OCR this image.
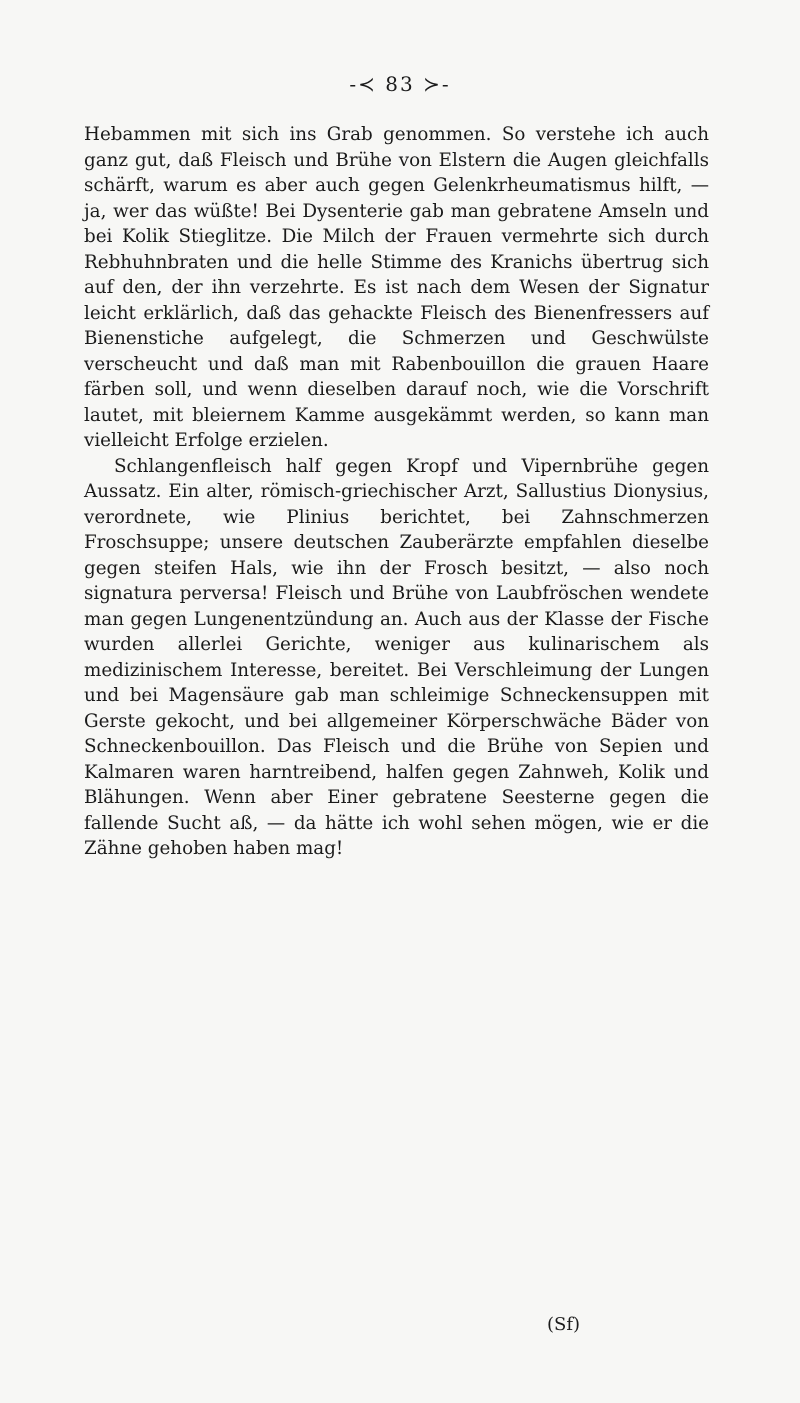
-≺ 83 ≻-

Hebammen mit sich ins Grab genommen. So verstehe ich auch ganz gut, daß Fleisch und Brühe von Elstern die Augen gleichfalls schärft, warum es aber auch gegen Gelenkrheumatismus hilft, — ja, wer das wüßte! Bei Dysenterie gab man gebratene Amseln und bei Kolik Stieglitze. Die Milch der Frauen vermehrte sich durch Rebhuhnbraten und die helle Stimme des Kranichs übertrug sich auf den, der ihn verzehrte. Es ist nach dem Wesen der Signatur leicht erklärlich, daß das gehackte Fleisch des Bienenfressers auf Bienenstiche aufgelegt, die Schmerzen und Geschwülste verscheucht und daß man mit Rabenbouillon die grauen Haare färben soll, und wenn dieselben darauf noch, wie die Vorschrift lautet, mit bleiernem Kamme ausgekämmt werden, so kann man vielleicht Erfolge erzielen.

Schlangenfleisch half gegen Kropf und Vipernbrühe gegen Aussatz. Ein alter, römisch-griechischer Arzt, Sallustius Dionysius, verordnete, wie Plinius berichtet, bei Zahnschmerzen Froschsuppe; unsere deutschen Zauberärzte empfahlen dieselbe gegen steifen Hals, wie ihn der Frosch besitzt, — also noch signatura perversa! Fleisch und Brühe von Laubfröschen wendete man gegen Lungenentzündung an. Auch aus der Klasse der Fische wurden allerlei Gerichte, weniger aus kulinarischem als medizinischem Interesse, bereitet. Bei Verschleimung der Lungen und bei Magensäure gab man schleimige Schneckensuppen mit Gerste gekocht, und bei allgemeiner Körperschwäche Bäder von Schneckenbouillon. Das Fleisch und die Brühe von Sepien und Kalmaren waren harntreibend, halfen gegen Zahnweh, Kolik und Blähungen. Wenn aber Einer gebratene Seesterne gegen die fallende Sucht aß, — da hätte ich wohl sehen mögen, wie er die Zähne gehoben haben mag!

(Sf)
